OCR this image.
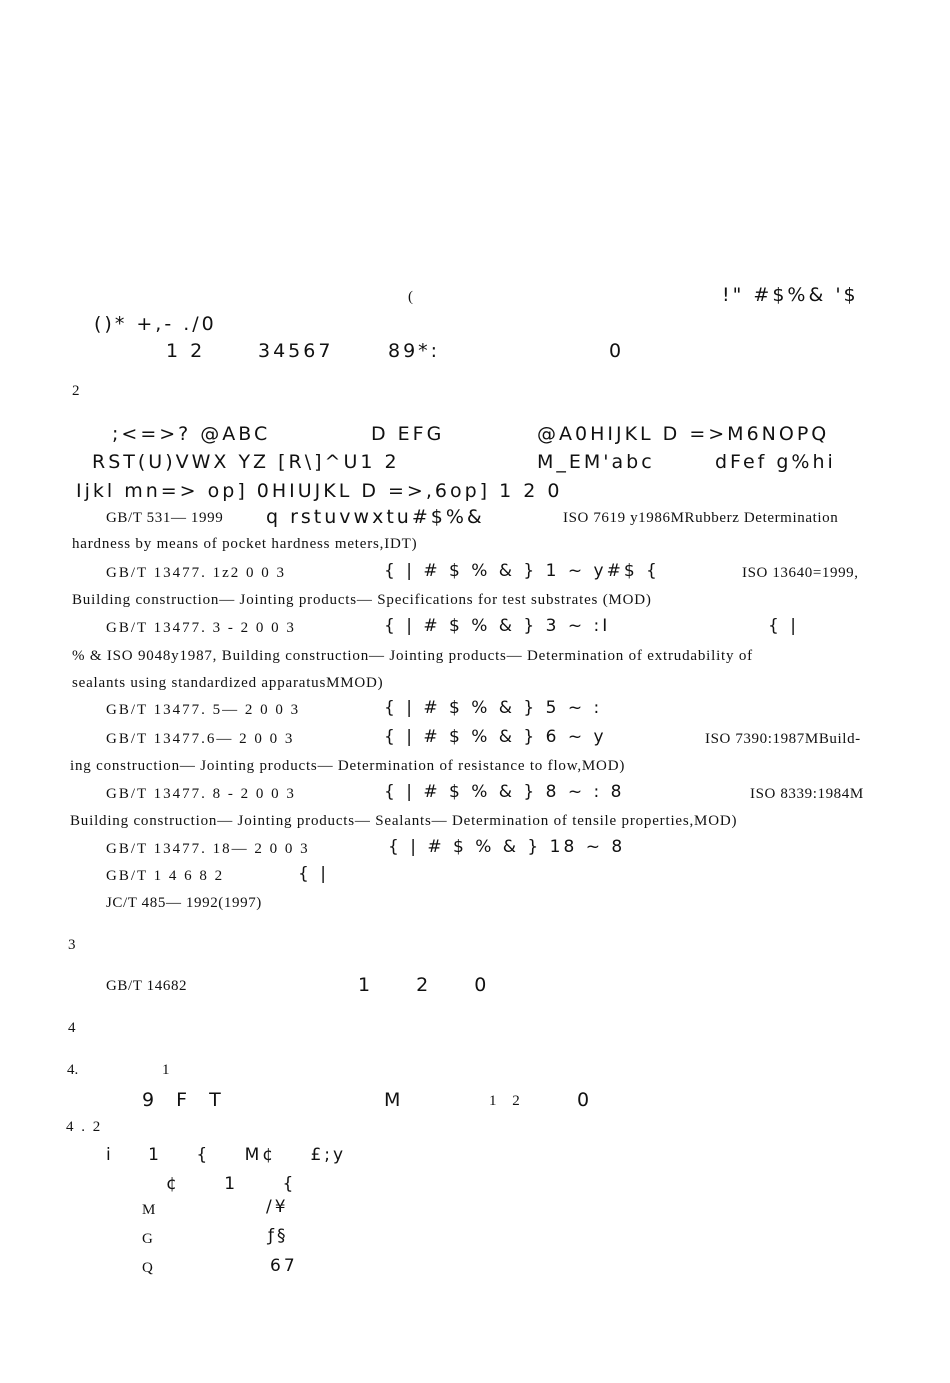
(	!" #$%& '$
()* +,- ./0
1 2	34567	89*:	0
2
;<=>? @ABC	D EFG	@A0HIJKL D =>M6NOPQ
RST(U)VWX YZ [R\]^U1 2	M_EM'abc	dFef g%hi
Ijkl mn=> op] 0HIUJKL D =>,6op] 1 2 0
GB/T 531— 1999 q rstuvwxtu#$%&	ISO 7619 y1986MRubberz Determination
hardness by means of pocket hardness meters,IDT)
GB/T 13477. 1z2 0 0 3	{ | # $ % & } 1 ~ y#$ {	ISO 13640=1999,
Building construction— Jointing products— Specifications for test substrates (MOD)
GB/T 13477. 3 - 2 0 0 3	{ | # $ % & } 3 ~ :I	{ |
% & ISO 9048y1987, Building construction— Jointing products— Determination of extrudability of
sealants using standardized apparatusMMOD)
GB/T 13477. 5— 2 0 0 3	{ | # $ % & } 5 ~ :
GB/T 13477.6— 2 0 0 3	{ | # $ % & } 6 ~ y	ISO 7390:1987MBuild-
ing construction— Jointing products— Determination of resistance to flow,MOD)
GB/T 13477. 8 - 2 0 0 3	{ | # $ % & } 8 ~ : 8	ISO 8339:1984M
Building construction— Jointing products— Sealants— Determination of tensile properties,MOD)
GB/T 13477. 18— 2 0 0 3	{ | # $ % & } 18 ~ 8
GB/T 1 4 6 8 2	{ |
JC/T 485— 1992(1997)
3
GB/T 14682	1 2 0
4
4.	1
9 F T	M	1 2	0
4 . 2
i 1 { M¢ £;y
¢ 1 {
M	/¥
G	ƒ§
Q	67
